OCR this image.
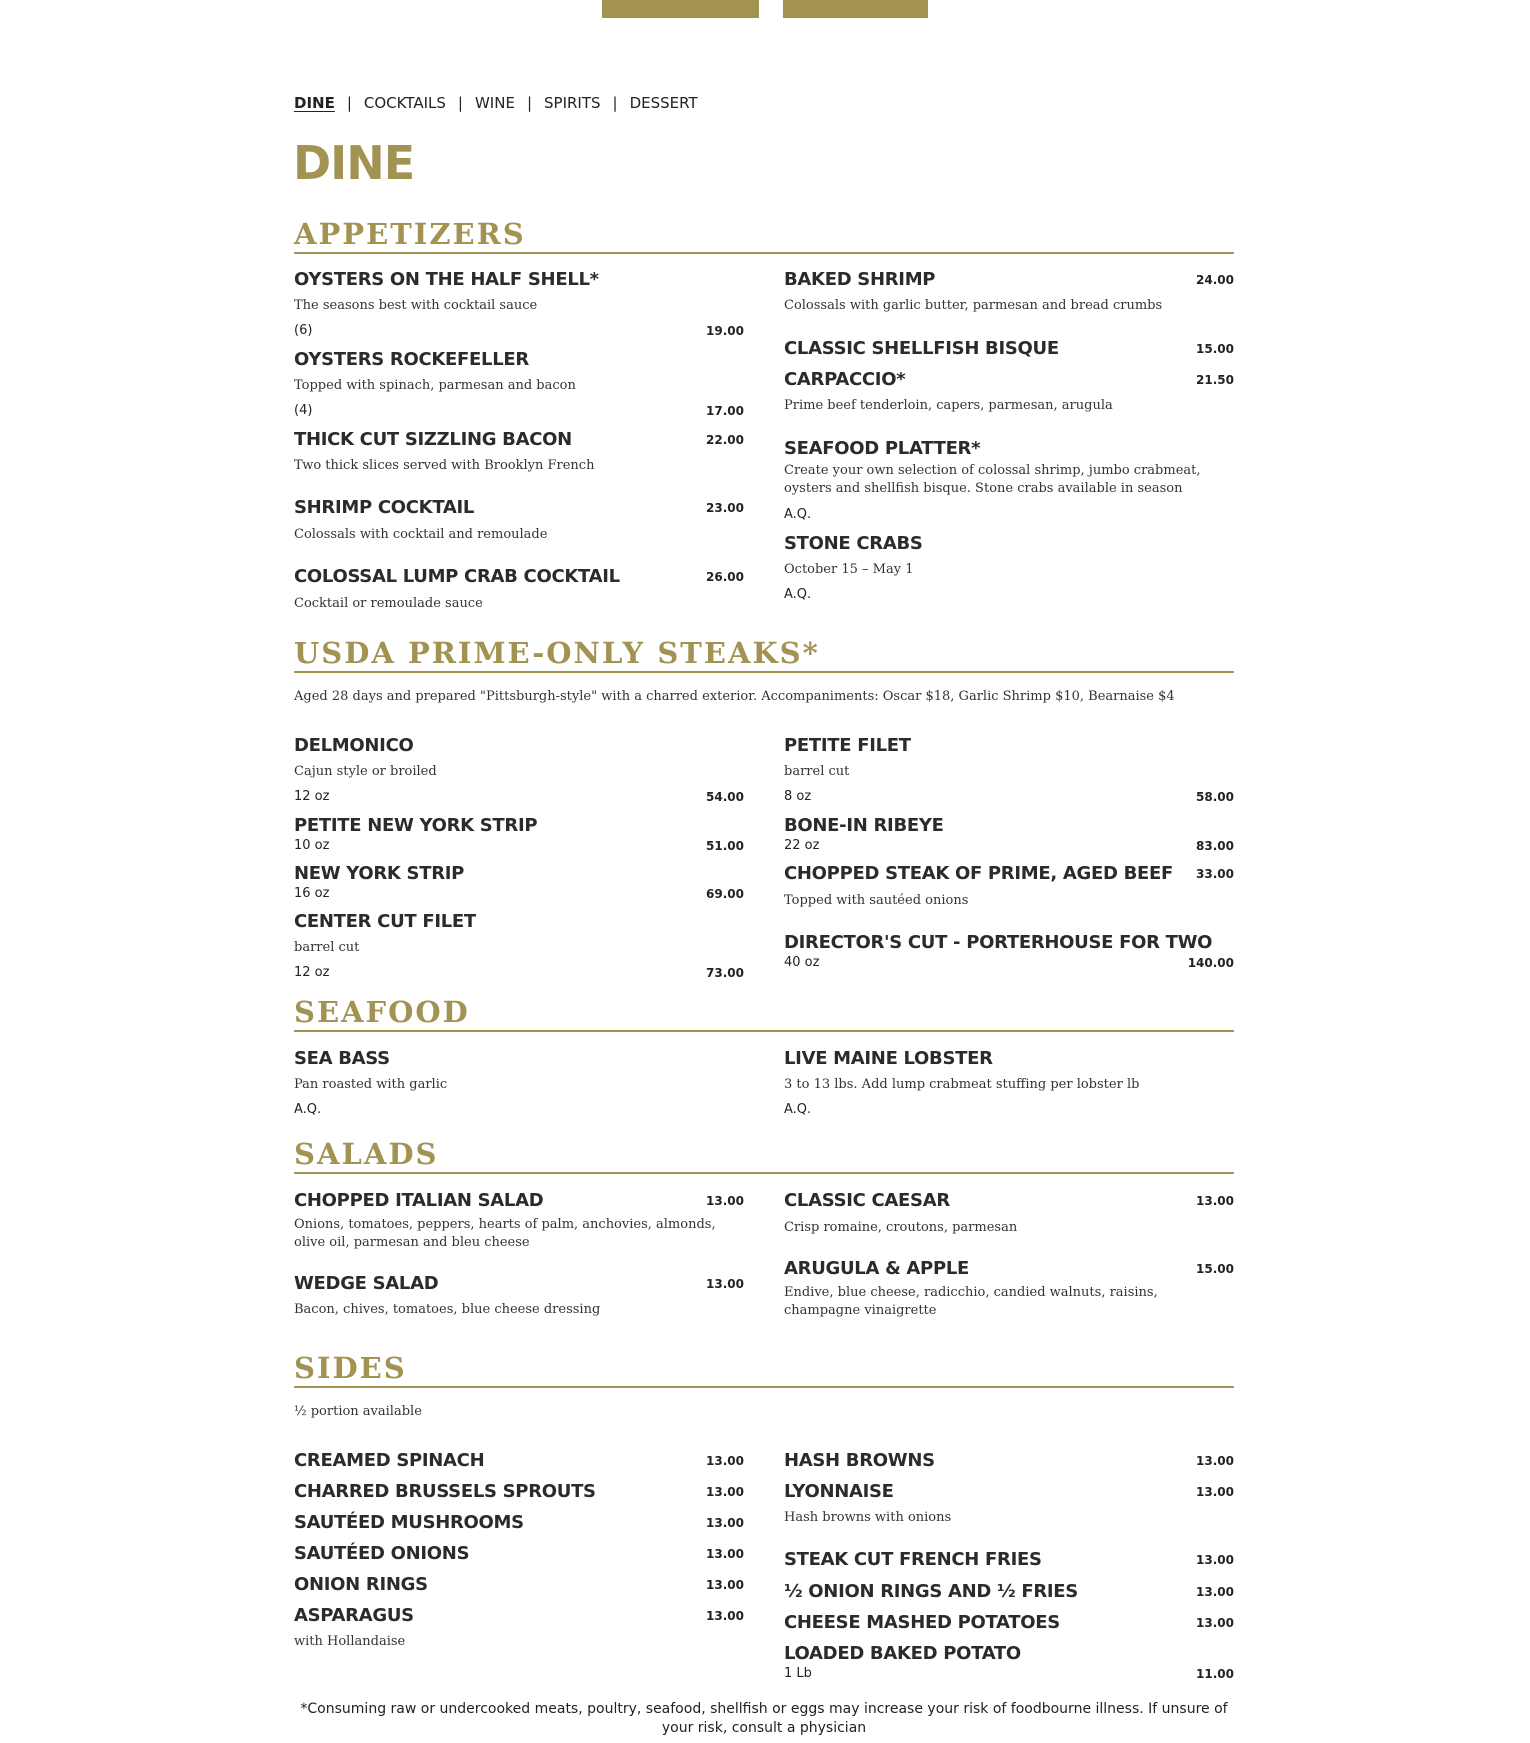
DINE | COCKTAILS | WINE | SPIRITS | DESSERT
DINE
APPETIZERS
OYSTERS ON THE HALF SHELL*
The seasons best with cocktail sauce
(6)	19.00
OYSTERS ROCKEFELLER
Topped with spinach, parmesan and bacon
(4)	17.00
THICK CUT SIZZLING BACON	22.00
Two thick slices served with Brooklyn French
SHRIMP COCKTAIL	23.00
Colossals with cocktail and remoulade
COLOSSAL LUMP CRAB COCKTAIL	26.00
Cocktail or remoulade sauce
BAKED SHRIMP	24.00
Colossals with garlic butter, parmesan and bread crumbs
CLASSIC SHELLFISH BISQUE	15.00
CARPACCIO*	21.50
Prime beef tenderloin, capers, parmesan, arugula
SEAFOOD PLATTER*
Create your own selection of colossal shrimp, jumbo crabmeat, oysters and shellfish bisque. Stone crabs available in season
A.Q.
STONE CRABS
October 15 – May 1
A.Q.
USDA PRIME-ONLY STEAKS*
Aged 28 days and prepared "Pittsburgh-style" with a charred exterior. Accompaniments: Oscar $18, Garlic Shrimp $10, Bearnaise $4
DELMONICO
Cajun style or broiled
12 oz	54.00
PETITE NEW YORK STRIP
10 oz	51.00
NEW YORK STRIP
16 oz	69.00
CENTER CUT FILET
barrel cut
12 oz	73.00
PETITE FILET
barrel cut
8 oz	58.00
BONE-IN RIBEYE
22 oz	83.00
CHOPPED STEAK OF PRIME, AGED BEEF 33.00
Topped with sautéed onions
DIRECTOR'S CUT - PORTERHOUSE FOR TWO
40 oz	140.00
SEAFOOD
SEA BASS
Pan roasted with garlic
A.Q.
LIVE MAINE LOBSTER
3 to 13 lbs. Add lump crabmeat stuffing per lobster lb
A.Q.
SALADS
CHOPPED ITALIAN SALAD	13.00
Onions, tomatoes, peppers, hearts of palm, anchovies, almonds, olive oil, parmesan and bleu cheese
WEDGE SALAD	13.00
Bacon, chives, tomatoes, blue cheese dressing
CLASSIC CAESAR	13.00
Crisp romaine, croutons, parmesan
ARUGULA & APPLE	15.00
Endive, blue cheese, radicchio, candied walnuts, raisins, champagne vinaigrette
SIDES
½ portion available
CREAMED SPINACH	13.00
CHARRED BRUSSELS SPROUTS	13.00
SAUTÉED MUSHROOMS	13.00
SAUTÉED ONIONS	13.00
ONION RINGS	13.00
ASPARAGUS	13.00
with Hollandaise
HASH BROWNS	13.00
LYONNAISE	13.00
Hash browns with onions
STEAK CUT FRENCH FRIES	13.00
½ ONION RINGS AND ½ FRIES	13.00
CHEESE MASHED POTATOES	13.00
LOADED BAKED POTATO
1 Lb	11.00
*Consuming raw or undercooked meats, poultry, seafood, shellfish or eggs may increase your risk of foodbourne illness. If unsure of your risk, consult a physician
